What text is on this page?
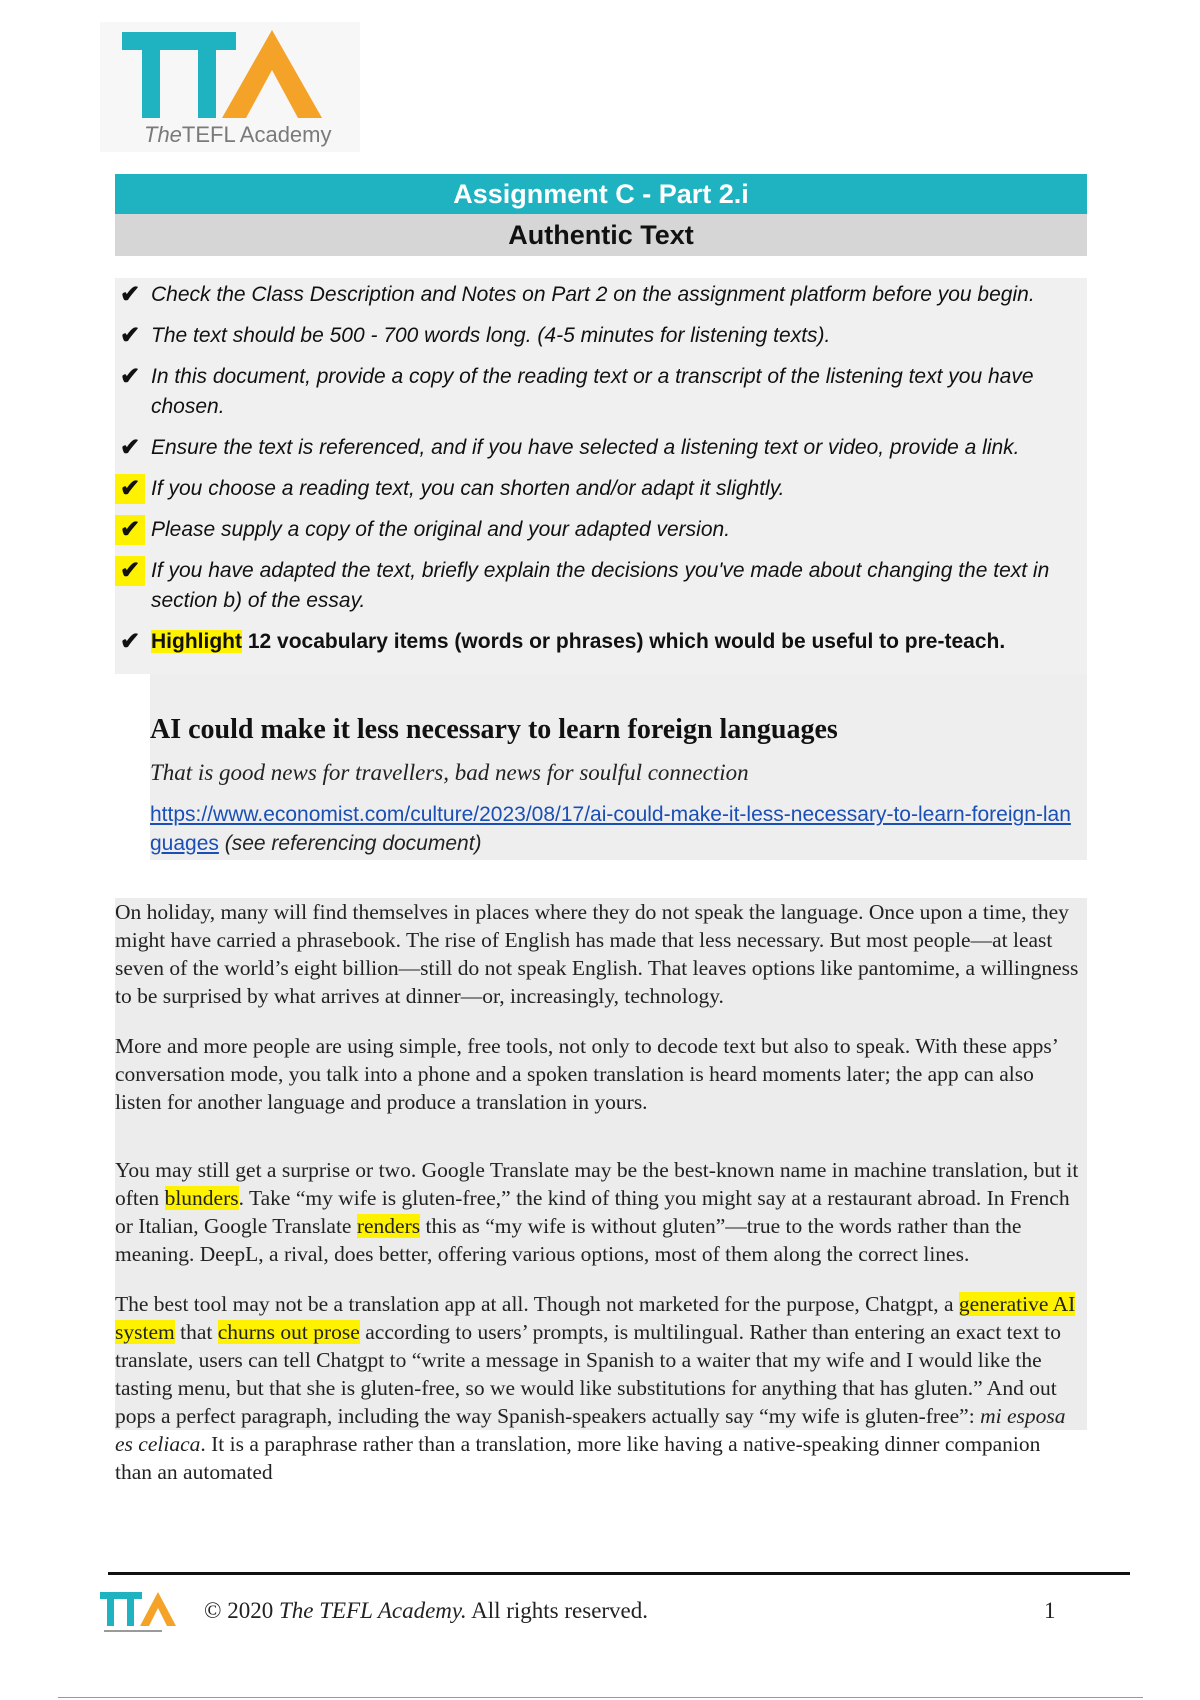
TheTEFL Academy
Assignment C - Part 2.i
Authentic Text
✔ Check the Class Description and Notes on Part 2 on the assignment platform before you begin.
✔ The text should be 500 - 700 words long. (4-5 minutes for listening texts).
✔ In this document, provide a copy of the reading text or a transcript of the listening text you have chosen.
✔ Ensure the text is referenced, and if you have selected a listening text or video, provide a link.
✔ If you choose a reading text, you can shorten and/or adapt it slightly.
✔ Please supply a copy of the original and your adapted version.
✔ If you have adapted the text, briefly explain the decisions you've made about changing the text in section b) of the essay.
✔ Highlight 12 vocabulary items (words or phrases) which would be useful to pre-teach.
AI could make it less necessary to learn foreign languages
That is good news for travellers, bad news for soulful connection
https://www.economist.com/culture/2023/08/17/ai-could-make-it-less-necessary-to-learn-foreign-languages (see referencing document)

On holiday, many will find themselves in places where they do not speak the language. Once upon a time, they might have carried a phrasebook. The rise of English has made that less necessary. But most people—at least seven of the world’s eight billion—still do not speak English. That leaves options like pantomime, a willingness to be surprised by what arrives at dinner—or, increasingly, technology.

More and more people are using simple, free tools, not only to decode text but also to speak. With these apps’ conversation mode, you talk into a phone and a spoken translation is heard moments later; the app can also listen for another language and produce a translation in yours.

You may still get a surprise or two. Google Translate may be the best-known name in machine translation, but it often blunders. Take “my wife is gluten-free,” the kind of thing you might say at a restaurant abroad. In French or Italian, Google Translate renders this as “my wife is without gluten”—true to the words rather than the meaning. DeepL, a rival, does better, offering various options, most of them along the correct lines.

The best tool may not be a translation app at all. Though not marketed for the purpose, Chatgpt, a generative AI system that churns out prose according to users’ prompts, is multilingual. Rather than entering an exact text to translate, users can tell Chatgpt to “write a message in Spanish to a waiter that my wife and I would like the tasting menu, but that she is gluten-free, so we would like substitutions for anything that has gluten.” And out pops a perfect paragraph, including the way Spanish-speakers actually say “my wife is gluten-free”: mi esposa es celiaca. It is a paraphrase rather than a translation, more like having a native-speaking dinner companion than an automated

© 2020 The TEFL Academy. All rights reserved.	1
